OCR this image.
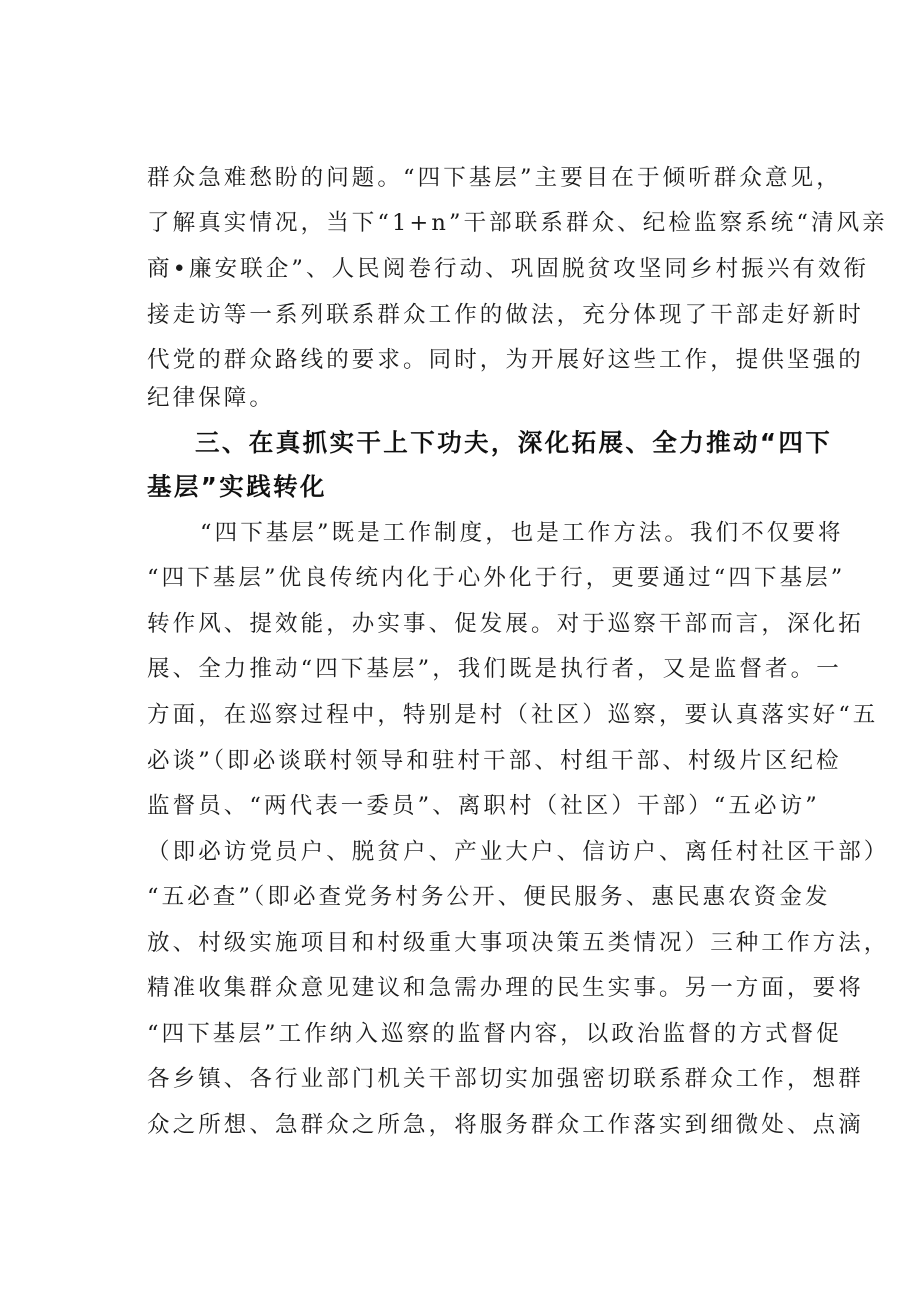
群众急难愁盼的问题。“四下基层”主要目在于倾听群众意见，
了解真实情况，当下“1+n”干部联系群众、纪检监察系统“清风亲
商•廉安联企”、人民阅卷行动、巩固脱贫攻坚同乡村振兴有效衔
接走访等一系列联系群众工作的做法，充分体现了干部走好新时
代党的群众路线的要求。同时，为开展好这些工作，提供坚强的
纪律保障。
三、在真抓实干上下功夫，深化拓展、全力推动“四下
基层”实践转化
“四下基层”既是工作制度，也是工作方法。我们不仅要将
“四下基层”优良传统内化于心外化于行，更要通过“四下基层”
转作风、提效能，办实事、促发展。对于巡察干部而言，深化拓
展、全力推动“四下基层”，我们既是执行者，又是监督者。一
方面，在巡察过程中，特别是村（社区）巡察，要认真落实好“五
必谈”（即必谈联村领导和驻村干部、村组干部、村级片区纪检
监督员、“两代表一委员”、离职村（社区）干部）“五必访”
（即必访党员户、脱贫户、产业大户、信访户、离任村社区干部）
“五必查”（即必查党务村务公开、便民服务、惠民惠农资金发
放、村级实施项目和村级重大事项决策五类情况）三种工作方法，
精准收集群众意见建议和急需办理的民生实事。另一方面，要将
“四下基层”工作纳入巡察的监督内容，以政治监督的方式督促
各乡镇、各行业部门机关干部切实加强密切联系群众工作，想群
众之所想、急群众之所急，将服务群众工作落实到细微处、点滴
